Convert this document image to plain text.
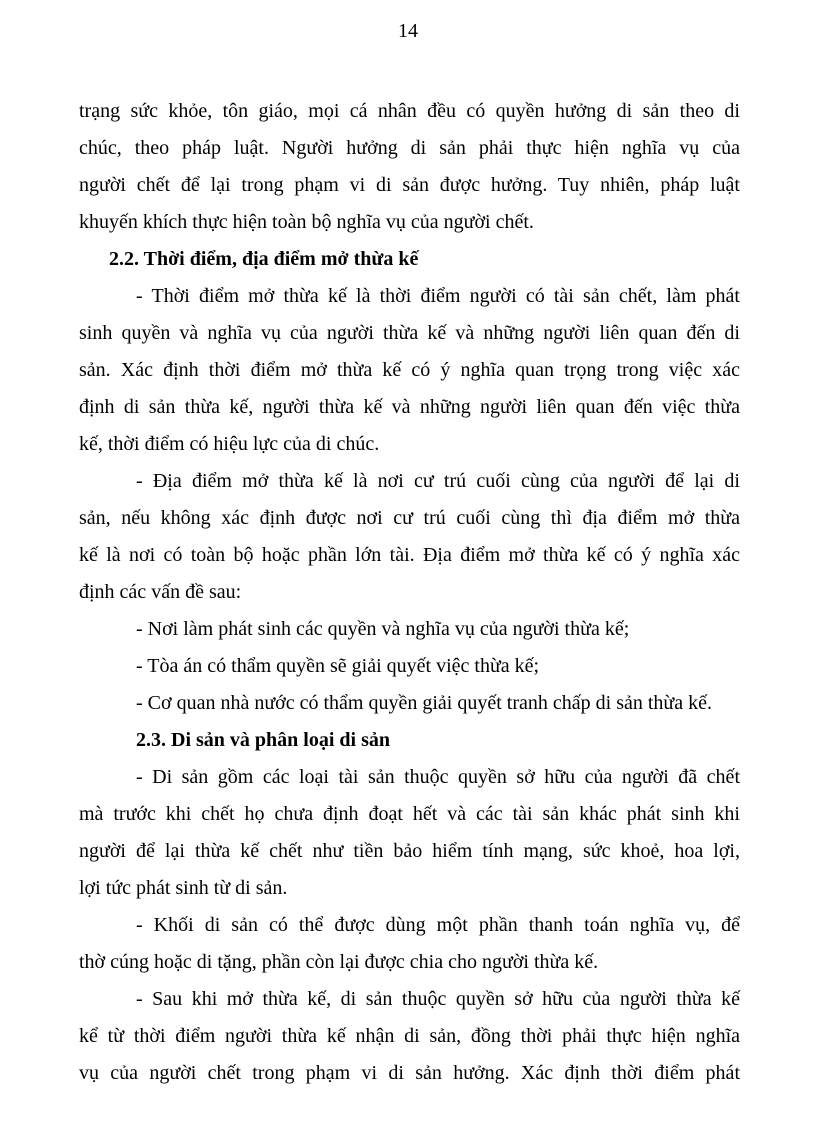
14
trạng sức khỏe, tôn giáo, mọi cá nhân đều có quyền hưởng di sản theo di
chúc, theo pháp luật. Người hưởng di sản phải thực hiện nghĩa vụ của
người chết để lại trong phạm vi di sản được hưởng. Tuy nhiên, pháp luật
khuyến khích thực hiện toàn bộ nghĩa vụ của người chết.
2.2. Thời điểm, địa điểm mở thừa kế
- Thời điểm mở thừa kế là thời điểm người có tài sản chết, làm phát
sinh quyền và nghĩa vụ của người thừa kế và những người liên quan đến di
sản. Xác định thời điểm mở thừa kế có ý nghĩa quan trọng trong việc xác
định di sản thừa kế, người thừa kế và những người liên quan đến việc thừa
kế, thời điểm có hiệu lực của di chúc.
- Địa điểm mở thừa kế là nơi cư trú cuối cùng của người để lại di
sản, nếu không xác định được nơi cư trú cuối cùng thì địa điểm mở thừa
kế là nơi có toàn bộ hoặc phần lớn tài. Địa điểm mở thừa kế có ý nghĩa xác
định các vấn đề sau:
- Nơi làm phát sinh các quyền và nghĩa vụ của người thừa kế;
- Tòa án có thẩm quyền sẽ giải quyết việc thừa kế;
- Cơ quan nhà nước có thẩm quyền giải quyết tranh chấp di sản thừa kế.
2.3. Di sản và phân loại di sản
- Di sản gồm các loại tài sản thuộc quyền sở hữu của người đã chết
mà trước khi chết họ chưa định đoạt hết và các tài sản khác phát sinh khi
người để lại thừa kế chết như tiền bảo hiểm tính mạng, sức khoẻ, hoa lợi,
lợi tức phát sinh từ di sản.
- Khối di sản có thể được dùng một phần thanh toán nghĩa vụ, để
thờ cúng hoặc di tặng, phần còn lại được chia cho người thừa kế.
- Sau khi mở thừa kế, di sản thuộc quyền sở hữu của người thừa kế
kể từ thời điểm người thừa kế nhận di sản, đồng thời phải thực hiện nghĩa
vụ của người chết trong phạm vi di sản hưởng. Xác định thời điểm phát
